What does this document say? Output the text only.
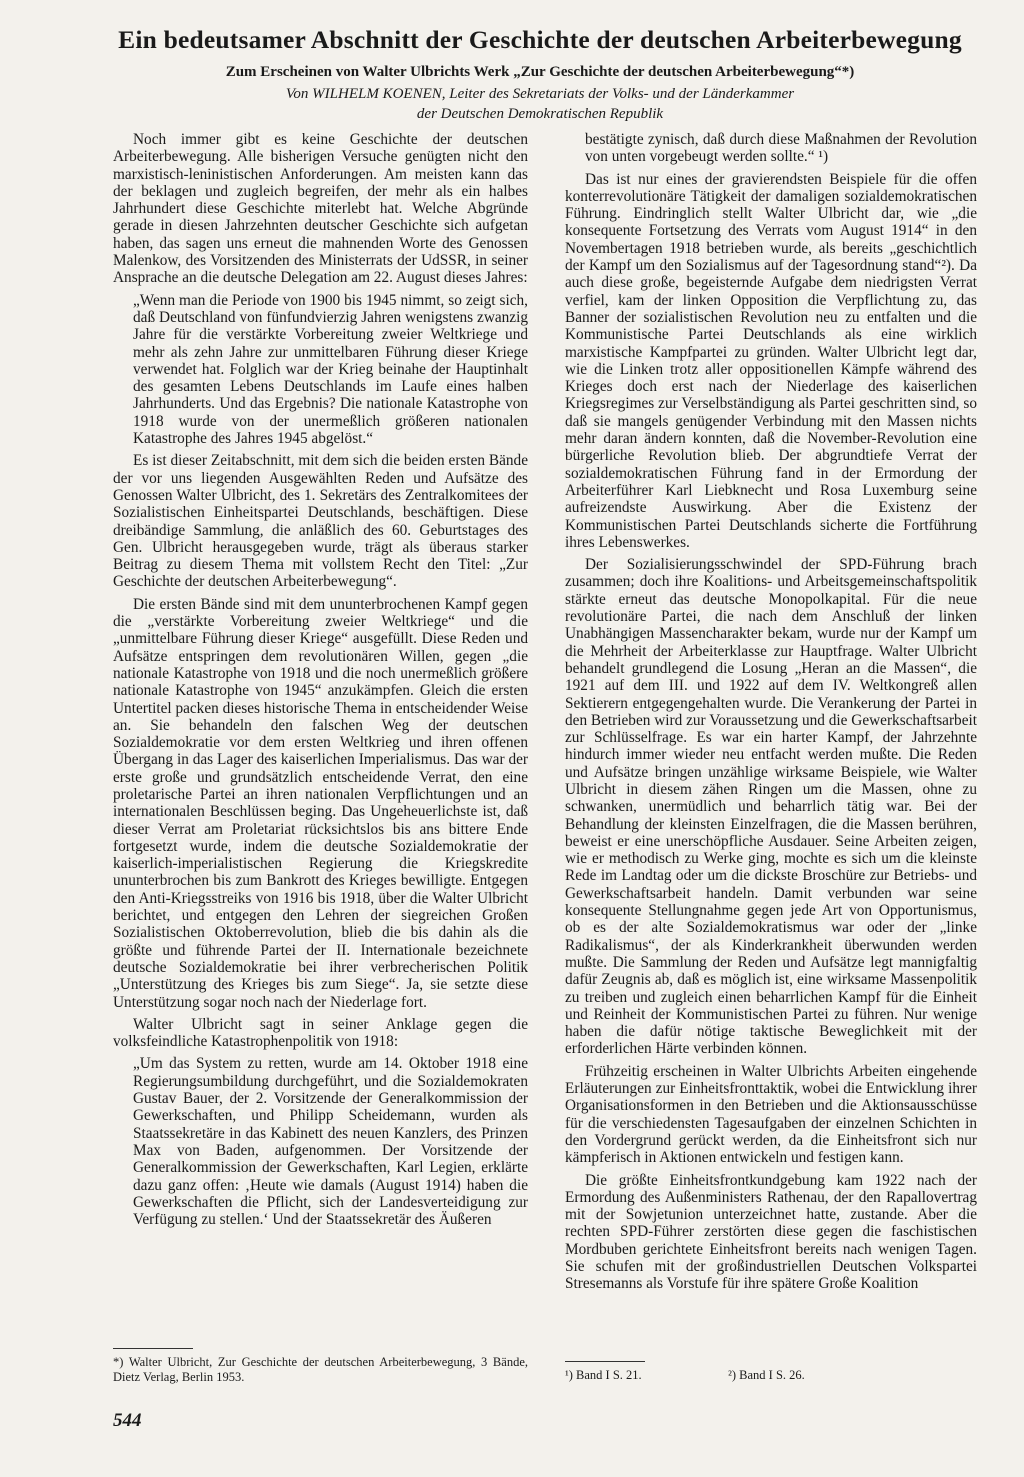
Ein bedeutsamer Abschnitt der Geschichte der deutschen Arbeiterbewegung
Zum Erscheinen von Walter Ulbrichts Werk „Zur Geschichte der deutschen Arbeiterbewegung“*)
Von WILHELM KOENEN, Leiter des Sekretariats der Volks- und der Länderkammer
der Deutschen Demokratischen Republik

Noch immer gibt es keine Geschichte der deutschen Arbeiterbewegung. Alle bisherigen Versuche genügten nicht den marxistisch-leninistischen Anforderungen. Am meisten kann das der beklagen und zugleich begreifen, der mehr als ein halbes Jahrhundert diese Geschichte miterlebt hat. Welche Abgründe gerade in diesen Jahrzehnten deutscher Geschichte sich aufgetan haben, das sagen uns erneut die mahnenden Worte des Genossen Malenkow, des Vorsitzenden des Ministerrats der UdSSR, in seiner Ansprache an die deutsche Delegation am 22. August dieses Jahres:

„Wenn man die Periode von 1900 bis 1945 nimmt, so zeigt sich, daß Deutschland von fünfundvierzig Jahren wenigstens zwanzig Jahre für die verstärkte Vorbereitung zweier Weltkriege und mehr als zehn Jahre zur unmittelbaren Führung dieser Kriege verwendet hat. Folglich war der Krieg beinahe der Hauptinhalt des gesamten Lebens Deutschlands im Laufe eines halben Jahrhunderts. Und das Ergebnis? Die nationale Katastrophe von 1918 wurde von der unermeßlich größeren nationalen Katastrophe des Jahres 1945 abgelöst.“

Es ist dieser Zeitabschnitt, mit dem sich die beiden ersten Bände der vor uns liegenden Ausgewählten Reden und Aufsätze des Genossen Walter Ulbricht, des 1. Sekretärs des Zentralkomitees der Sozialistischen Einheitspartei Deutschlands, beschäftigen. Diese dreibändige Sammlung, die anläßlich des 60. Geburtstages des Gen. Ulbricht herausgegeben wurde, trägt als überaus starker Beitrag zu diesem Thema mit vollstem Recht den Titel: „Zur Geschichte der deutschen Arbeiterbewegung“.

Die ersten Bände sind mit dem ununterbrochenen Kampf gegen die „verstärkte Vorbereitung zweier Weltkriege“ und die „unmittelbare Führung dieser Kriege“ ausgefüllt. Diese Reden und Aufsätze entspringen dem revolutionären Willen, gegen „die nationale Katastrophe von 1918 und die noch unermeßlich größere nationale Katastrophe von 1945“ anzukämpfen. Gleich die ersten Untertitel packen dieses historische Thema in entscheidender Weise an. Sie behandeln den falschen Weg der deutschen Sozialdemokratie vor dem ersten Weltkrieg und ihren offenen Übergang in das Lager des kaiserlichen Imperialismus. Das war der erste große und grundsätzlich entscheidende Verrat, den eine proletarische Partei an ihren nationalen Verpflichtungen und an internationalen Beschlüssen beging. Das Ungeheuerlichste ist, daß dieser Verrat am Proletariat rücksichtslos bis ans bittere Ende fortgesetzt wurde, indem die deutsche Sozialdemokratie der kaiserlich-imperialistischen Regierung die Kriegskredite ununterbrochen bis zum Bankrott des Krieges bewilligte. Entgegen den Anti-Kriegsstreiks von 1916 bis 1918, über die Walter Ulbricht berichtet, und entgegen den Lehren der siegreichen Großen Sozialistischen Oktoberrevolution, blieb die bis dahin als die größte und führende Partei der II. Internationale bezeichnete deutsche Sozialdemokratie bei ihrer verbrecherischen Politik „Unterstützung des Krieges bis zum Siege“. Ja, sie setzte diese Unterstützung sogar noch nach der Niederlage fort.

Walter Ulbricht sagt in seiner Anklage gegen die volksfeindliche Katastrophenpolitik von 1918:

„Um das System zu retten, wurde am 14. Oktober 1918 eine Regierungsumbildung durchgeführt, und die Sozialdemokraten Gustav Bauer, der 2. Vorsitzende der Generalkommission der Gewerkschaften, und Philipp Scheidemann, wurden als Staatssekretäre in das Kabinett des neuen Kanzlers, des Prinzen Max von Baden, aufgenommen. Der Vorsitzende der Generalkommission der Gewerkschaften, Karl Legien, erklärte dazu ganz offen: ‚Heute wie damals (August 1914) haben die Gewerkschaften die Pflicht, sich der Landesverteidigung zur Verfügung zu stellen.‘ Und der Staatssekretär des Äußeren

bestätigte zynisch, daß durch diese Maßnahmen der Revolution von unten vorgebeugt werden sollte.“ ¹)

Das ist nur eines der gravierendsten Beispiele für die offen konterrevolutionäre Tätigkeit der damaligen sozialdemokratischen Führung. Eindringlich stellt Walter Ulbricht dar, wie „die konsequente Fortsetzung des Verrats vom August 1914“ in den Novembertagen 1918 betrieben wurde, als bereits „geschichtlich der Kampf um den Sozialismus auf der Tagesordnung stand“²). Da auch diese große, begeisternde Aufgabe dem niedrigsten Verrat verfiel, kam der linken Opposition die Verpflichtung zu, das Banner der sozialistischen Revolution neu zu entfalten und die Kommunistische Partei Deutschlands als eine wirklich marxistische Kampfpartei zu gründen. Walter Ulbricht legt dar, wie die Linken trotz aller oppositionellen Kämpfe während des Krieges doch erst nach der Niederlage des kaiserlichen Kriegsregimes zur Verselbständigung als Partei geschritten sind, so daß sie mangels genügender Verbindung mit den Massen nichts mehr daran ändern konnten, daß die November-Revolution eine bürgerliche Revolution blieb. Der abgrundtiefe Verrat der sozialdemokratischen Führung fand in der Ermordung der Arbeiterführer Karl Liebknecht und Rosa Luxemburg seine aufreizendste Auswirkung. Aber die Existenz der Kommunistischen Partei Deutschlands sicherte die Fortführung ihres Lebenswerkes.

Der Sozialisierungsschwindel der SPD-Führung brach zusammen; doch ihre Koalitions- und Arbeitsgemeinschaftspolitik stärkte erneut das deutsche Monopolkapital. Für die neue revolutionäre Partei, die nach dem Anschluß der linken Unabhängigen Massencharakter bekam, wurde nur der Kampf um die Mehrheit der Arbeiterklasse zur Hauptfrage. Walter Ulbricht behandelt grundlegend die Losung „Heran an die Massen“, die 1921 auf dem III. und 1922 auf dem IV. Weltkongreß allen Sektierern entgegengehalten wurde. Die Verankerung der Partei in den Betrieben wird zur Voraussetzung und die Gewerkschaftsarbeit zur Schlüsselfrage. Es war ein harter Kampf, der Jahrzehnte hindurch immer wieder neu entfacht werden mußte. Die Reden und Aufsätze bringen unzählige wirksame Beispiele, wie Walter Ulbricht in diesem zähen Ringen um die Massen, ohne zu schwanken, unermüdlich und beharrlich tätig war. Bei der Behandlung der kleinsten Einzelfragen, die die Massen berühren, beweist er eine unerschöpfliche Ausdauer. Seine Arbeiten zeigen, wie er methodisch zu Werke ging, mochte es sich um die kleinste Rede im Landtag oder um die dickste Broschüre zur Betriebs- und Gewerkschaftsarbeit handeln. Damit verbunden war seine konsequente Stellungnahme gegen jede Art von Opportunismus, ob es der alte Sozialdemokratismus war oder der „linke Radikalismus“, der als Kinderkrankheit überwunden werden mußte. Die Sammlung der Reden und Aufsätze legt mannigfaltig dafür Zeugnis ab, daß es möglich ist, eine wirksame Massenpolitik zu treiben und zugleich einen beharrlichen Kampf für die Einheit und Reinheit der Kommunistischen Partei zu führen. Nur wenige haben die dafür nötige taktische Beweglichkeit mit der erforderlichen Härte verbinden können.

Frühzeitig erscheinen in Walter Ulbrichts Arbeiten eingehende Erläuterungen zur Einheitsfronttaktik, wobei die Entwicklung ihrer Organisationsformen in den Betrieben und die Aktionsausschüsse für die verschiedensten Tagesaufgaben der einzelnen Schichten in den Vordergrund gerückt werden, da die Einheitsfront sich nur kämpferisch in Aktionen entwickeln und festigen kann.

Die größte Einheitsfrontkundgebung kam 1922 nach der Ermordung des Außenministers Rathenau, der den Rapallovertrag mit der Sowjetunion unterzeichnet hatte, zustande. Aber die rechten SPD-Führer zerstörten diese gegen die faschistischen Mordbuben gerichtete Einheitsfront bereits nach wenigen Tagen. Sie schufen mit der großindustriellen Deutschen Volkspartei Stresemanns als Vorstufe für ihre spätere Große Koalition

*) Walter Ulbricht, Zur Geschichte der deutschen Arbeiterbewegung, 3 Bände, Dietz Verlag, Berlin 1953.	¹) Band I S. 21.	²) Band I S. 26.
544
